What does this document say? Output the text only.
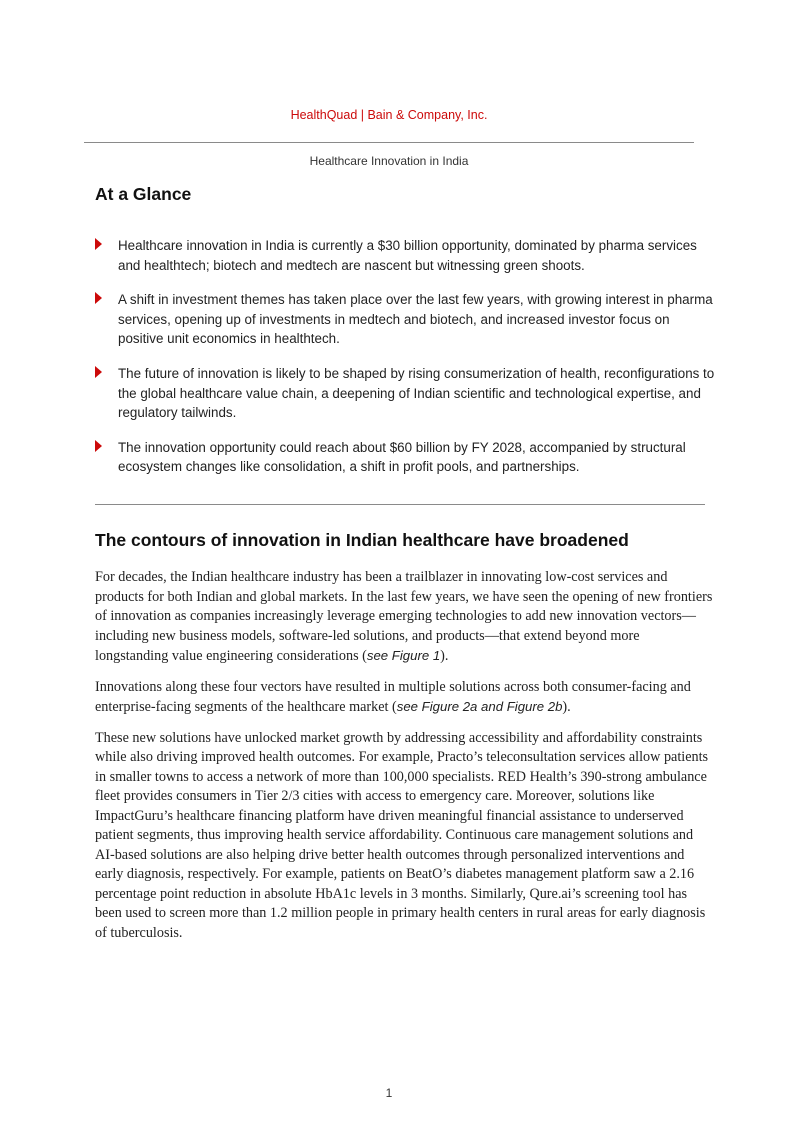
HealthQuad | Bain & Company, Inc.
Healthcare Innovation in India
At a Glance
Healthcare innovation in India is currently a $30 billion opportunity, dominated by pharma services and healthtech; biotech and medtech are nascent but witnessing green shoots.
A shift in investment themes has taken place over the last few years, with growing interest in pharma services, opening up of investments in medtech and biotech, and increased investor focus on positive unit economics in healthtech.
The future of innovation is likely to be shaped by rising consumerization of health, reconfigurations to the global healthcare value chain, a deepening of Indian scientific and technological expertise, and regulatory tailwinds.
The innovation opportunity could reach about $60 billion by FY 2028, accompanied by structural ecosystem changes like consolidation, a shift in profit pools, and partnerships.
The contours of innovation in Indian healthcare have broadened

For decades, the Indian healthcare industry has been a trailblazer in innovating low-cost services and products for both Indian and global markets. In the last few years, we have seen the opening of new frontiers of innovation as companies increasingly leverage emerging technologies to add new innovation vectors—including new business models, software-led solutions, and products—that extend beyond more longstanding value engineering considerations (see Figure 1).

Innovations along these four vectors have resulted in multiple solutions across both consumer-facing and enterprise-facing segments of the healthcare market (see Figure 2a and Figure 2b).

These new solutions have unlocked market growth by addressing accessibility and affordability constraints while also driving improved health outcomes. For example, Practo’s teleconsultation services allow patients in smaller towns to access a network of more than 100,000 specialists. RED Health’s 390-strong ambulance fleet provides consumers in Tier 2/3 cities with access to emergency care. Moreover, solutions like ImpactGuru’s healthcare financing platform have driven meaningful financial assistance to underserved patient segments, thus improving health service affordability. Continuous care management solutions and AI-based solutions are also helping drive better health outcomes through personalized interventions and early diagnosis, respectively. For example, patients on BeatO’s diabetes management platform saw a 2.16 percentage point reduction in absolute HbA1c levels in 3 months. Similarly, Qure.ai’s screening tool has been used to screen more than 1.2 million people in primary health centers in rural areas for early diagnosis of tuberculosis.

1
